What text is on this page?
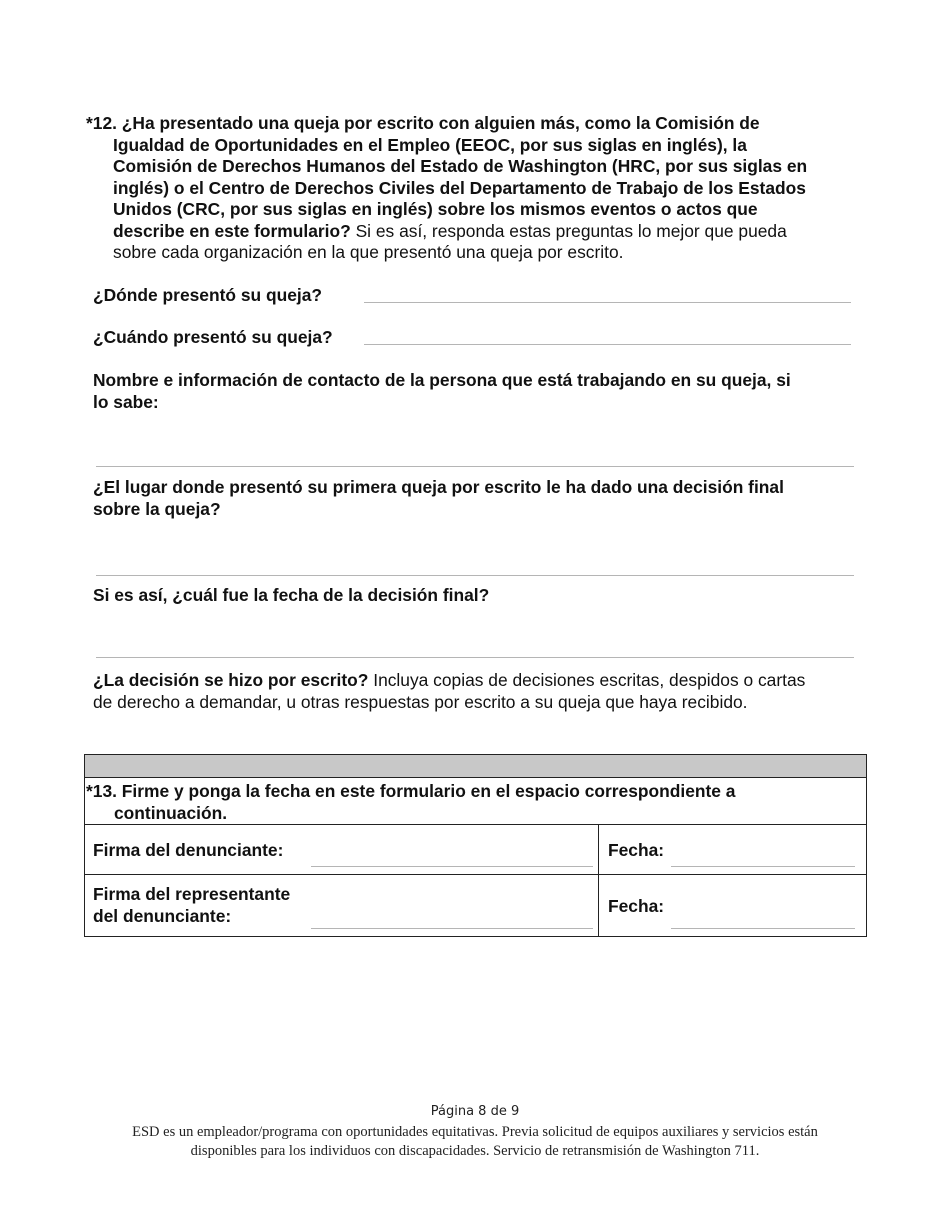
*12. ¿Ha presentado una queja por escrito con alguien más, como la Comisión de
Igualdad de Oportunidades en el Empleo (EEOC, por sus siglas en inglés), la
Comisión de Derechos Humanos del Estado de Washington (HRC, por sus siglas en
inglés) o el Centro de Derechos Civiles del Departamento de Trabajo de los Estados
Unidos (CRC, por sus siglas en inglés) sobre los mismos eventos o actos que
describe en este formulario? Si es así, responda estas preguntas lo mejor que pueda
sobre cada organización en la que presentó una queja por escrito.
¿Dónde presentó su queja?
¿Cuándo presentó su queja?
Nombre e información de contacto de la persona que está trabajando en su queja, si
lo sabe:
¿El lugar donde presentó su primera queja por escrito le ha dado una decisión final
sobre la queja?
Si es así, ¿cuál fue la fecha de la decisión final?
¿La decisión se hizo por escrito? Incluya copias de decisiones escritas, despidos o cartas
de derecho a demandar, u otras respuestas por escrito a su queja que haya recibido.

*13. Firme y ponga la fecha en este formulario en el espacio correspondiente a
continuación.	

Firma del denunciante:	Fecha:

Firma del representante
del denunciante:	Fecha:
Página 8 de 9
ESD es un empleador/programa con oportunidades equitativas. Previa solicitud de equipos auxiliares y servicios están
disponibles para los individuos con discapacidades. Servicio de retransmisión de Washington 711.
